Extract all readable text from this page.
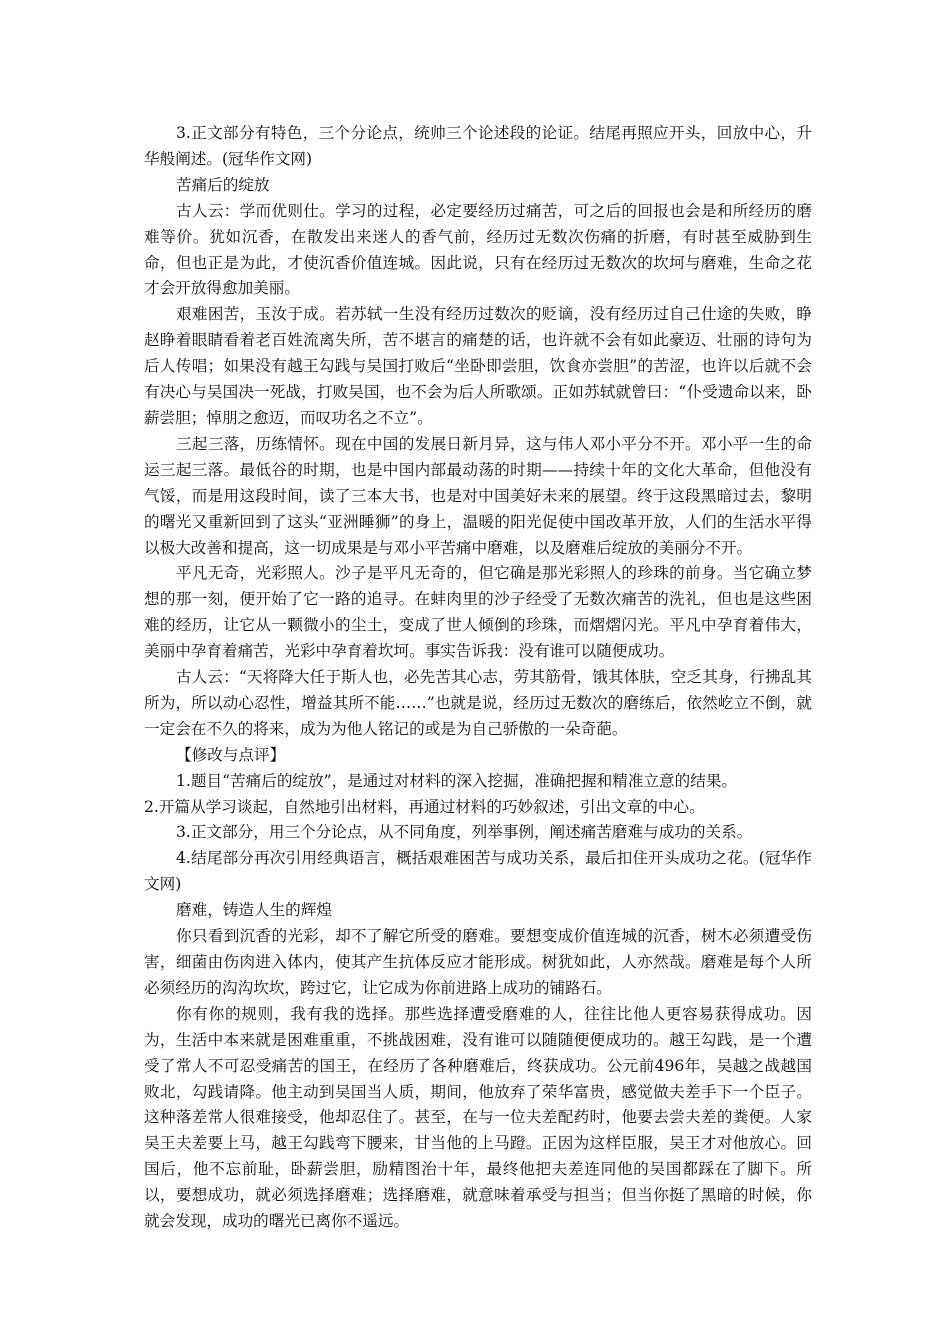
3.正文部分有特色，三个分论点，统帅三个论述段的论证。结尾再照应开头，回放中心，升华般阐述。(冠华作文网)

苦痛后的绽放

古人云：学而优则仕。学习的过程，必定要经历过痛苦，可之后的回报也会是和所经历的磨难等价。犹如沉香，在散发出来迷人的香气前，经历过无数次伤痛的折磨，有时甚至威胁到生命，但也正是为此，才使沉香价值连城。因此说，只有在经历过无数次的坎坷与磨难，生命之花才会开放得愈加美丽。

艰难困苦，玉汝于成。若苏轼一生没有经历过数次的贬谪，没有经历过自己仕途的失败，睁赵睁着眼睛看着老百姓流离失所，苦不堪言的痛楚的话，也许就不会有如此豪迈、壮丽的诗句为后人传唱；如果没有越王勾践与吴国打败后“坐卧即尝胆，饮食亦尝胆”的苦涩，也许以后就不会有决心与吴国决一死战，打败吴国，也不会为后人所歌颂。正如苏轼就曾曰：“仆受遗命以来，卧薪尝胆；悼朋之愈迈，而叹功名之不立”。

三起三落，历练情怀。现在中国的发展日新月异，这与伟人邓小平分不开。邓小平一生的命运三起三落。最低谷的时期，也是中国内部最动荡的时期——持续十年的文化大革命，但他没有气馁，而是用这段时间，读了三本大书，也是对中国美好未来的展望。终于这段黑暗过去，黎明的曙光又重新回到了这头“亚洲睡狮”的身上，温暖的阳光促使中国改革开放，人们的生活水平得以极大改善和提高，这一切成果是与邓小平苦痛中磨难，以及磨难后绽放的美丽分不开。

平凡无奇，光彩照人。沙子是平凡无奇的，但它确是那光彩照人的珍珠的前身。当它确立梦想的那一刻，便开始了它一路的追寻。在蚌肉里的沙子经受了无数次痛苦的洗礼，但也是这些困难的经历，让它从一颗微小的尘土，变成了世人倾倒的珍珠，而熠熠闪光。平凡中孕育着伟大，美丽中孕育着痛苦，光彩中孕育着坎坷。事实告诉我：没有谁可以随便成功。

古人云：“天将降大任于斯人也，必先苦其心志，劳其筋骨，饿其体肤，空乏其身，行拂乱其所为，所以动心忍性，增益其所不能……”也就是说，经历过无数次的磨练后，依然屹立不倒，就一定会在不久的将来，成为为他人铭记的或是为自己骄傲的一朵奇葩。

【修改与点评】

1.题目“苦痛后的绽放”，是通过对材料的深入挖掘，准确把握和精准立意的结果。

2.开篇从学习谈起，自然地引出材料，再通过材料的巧妙叙述，引出文章的中心。

3.正文部分，用三个分论点，从不同角度，列举事例，阐述痛苦磨难与成功的关系。

4.结尾部分再次引用经典语言，概括艰难困苦与成功关系，最后扣住开头成功之花。(冠华作文网)

磨难，铸造人生的辉煌

你只看到沉香的光彩，却不了解它所受的磨难。要想变成价值连城的沉香，树木必须遭受伤害，细菌由伤肉进入体内，使其产生抗体反应才能形成。树犹如此，人亦然哉。磨难是每个人所必须经历的沟沟坎坎，跨过它，让它成为你前进路上成功的铺路石。

你有你的规则，我有我的选择。那些选择遭受磨难的人，往往比他人更容易获得成功。因为，生活中本来就是困难重重，不挑战困难，没有谁可以随随便便成功的。越王勾践，是一个遭受了常人不可忍受痛苦的国王，在经历了各种磨难后，终获成功。公元前496年，吴越之战越国败北，勾践请降。他主动到吴国当人质，期间，他放弃了荣华富贵，感觉做夫差手下一个臣子。这种落差常人很难接受，他却忍住了。甚至，在与一位夫差配药时，他要去尝夫差的粪便。人家吴王夫差要上马，越王勾践弯下腰来，甘当他的上马蹬。正因为这样臣服，吴王才对他放心。回国后，他不忘前耻，卧薪尝胆，励精图治十年，最终他把夫差连同他的吴国都踩在了脚下。所以，要想成功，就必须选择磨难；选择磨难，就意味着承受与担当；但当你挺了黑暗的时候，你就会发现，成功的曙光已离你不遥远。
